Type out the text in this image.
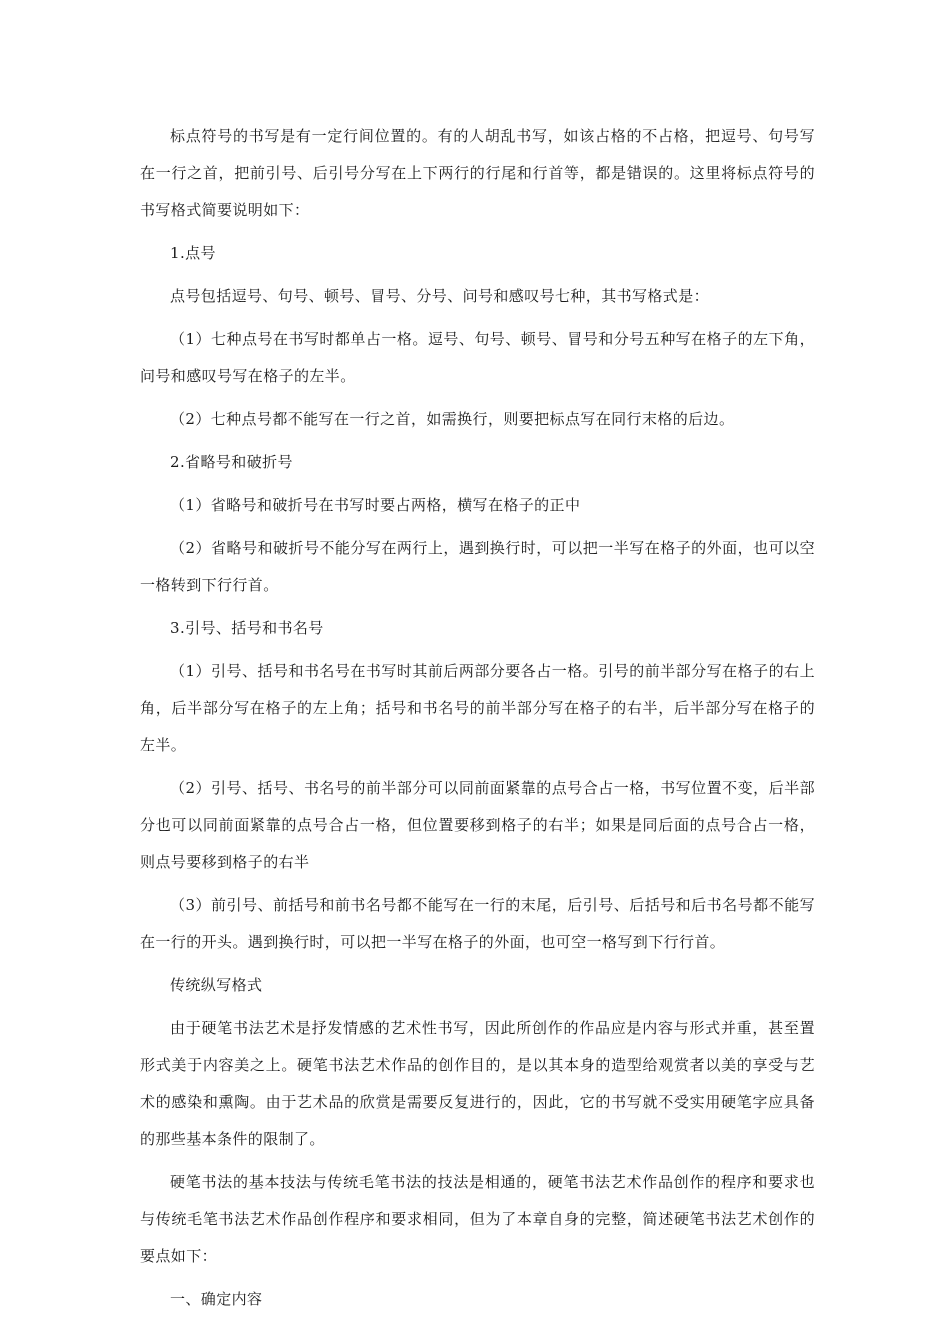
标点符号的书写是有一定行间位置的。有的人胡乱书写，如该占格的不占格，把逗号、句号写在一行之首，把前引号、后引号分写在上下两行的行尾和行首等，都是错误的。这里将标点符号的书写格式简要说明如下：

1.点号

点号包括逗号、句号、顿号、冒号、分号、问号和感叹号七种，其书写格式是：

（1）七种点号在书写时都单占一格。逗号、句号、顿号、冒号和分号五种写在格子的左下角，问号和感叹号写在格子的左半。

（2）七种点号都不能写在一行之首，如需换行，则要把标点写在同行末格的后边。

2.省略号和破折号

（1）省略号和破折号在书写时要占两格，横写在格子的正中

（2）省略号和破折号不能分写在两行上，遇到换行时，可以把一半写在格子的外面，也可以空一格转到下行行首。

3.引号、括号和书名号

（1）引号、括号和书名号在书写时其前后两部分要各占一格。引号的前半部分写在格子的右上角，后半部分写在格子的左上角；括号和书名号的前半部分写在格子的右半，后半部分写在格子的左半。

（2）引号、括号、书名号的前半部分可以同前面紧靠的点号合占一格，书写位置不变，后半部分也可以同前面紧靠的点号合占一格，但位置要移到格子的右半；如果是同后面的点号合占一格，则点号要移到格子的右半

（3）前引号、前括号和前书名号都不能写在一行的末尾，后引号、后括号和后书名号都不能写在一行的开头。遇到换行时，可以把一半写在格子的外面，也可空一格写到下行行首。

传统纵写格式

由于硬笔书法艺术是抒发情感的艺术性书写，因此所创作的作品应是内容与形式并重，甚至置形式美于内容美之上。硬笔书法艺术作品的创作目的，是以其本身的造型给观赏者以美的享受与艺术的感染和熏陶。由于艺术品的欣赏是需要反复进行的，因此，它的书写就不受实用硬笔字应具备的那些基本条件的限制了。

硬笔书法的基本技法与传统毛笔书法的技法是相通的，硬笔书法艺术作品创作的程序和要求也与传统毛笔书法艺术作品创作程序和要求相同，但为了本章自身的完整，简述硬笔书法艺术创作的要点如下：

一、确定内容
